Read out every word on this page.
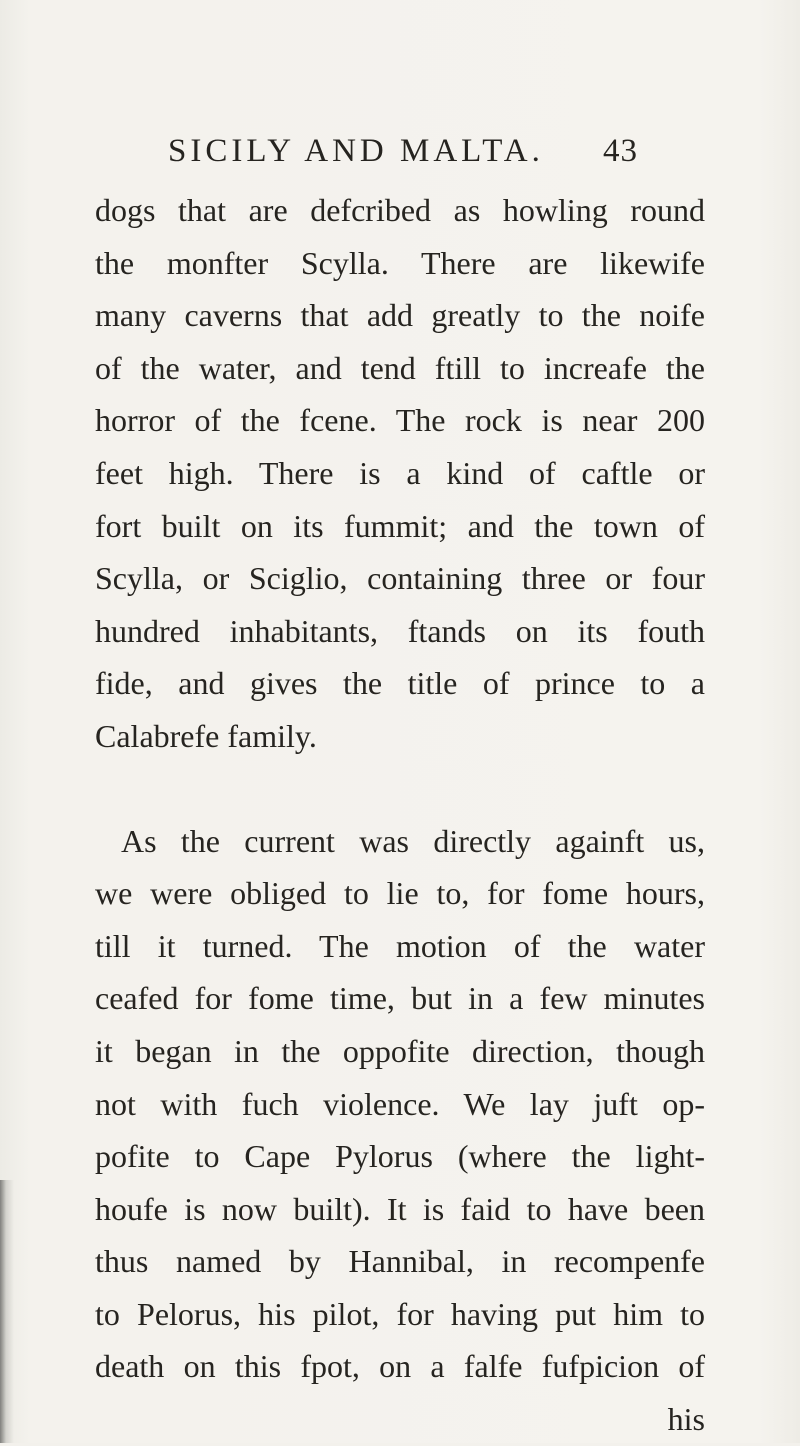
SICILY AND MALTA. 43
dogs that are defcribed as howling round
the monfter Scylla. There are likewife
many caverns that add greatly to the noife
of the water, and tend ftill to increafe the
horror of the fcene. The rock is near 200
feet high. There is a kind of caftle or
fort built on its fummit; and the town of
Scylla, or Sciglio, containing three or four
hundred inhabitants, ftands on its fouth
fide, and gives the title of prince to a
Calabrefe family.
As the current was directly againft us,
we were obliged to lie to, for fome hours,
till it turned. The motion of the water
ceafed for fome time, but in a few minutes
it began in the oppofite direction, though
not with fuch violence. We lay juft op-
pofite to Cape Pylorus (where the light-
houfe is now built). It is faid to have been
thus named by Hannibal, in recompenfe
to Pelorus, his pilot, for having put him to
death on this fpot, on a falfe fufpicion of
his
